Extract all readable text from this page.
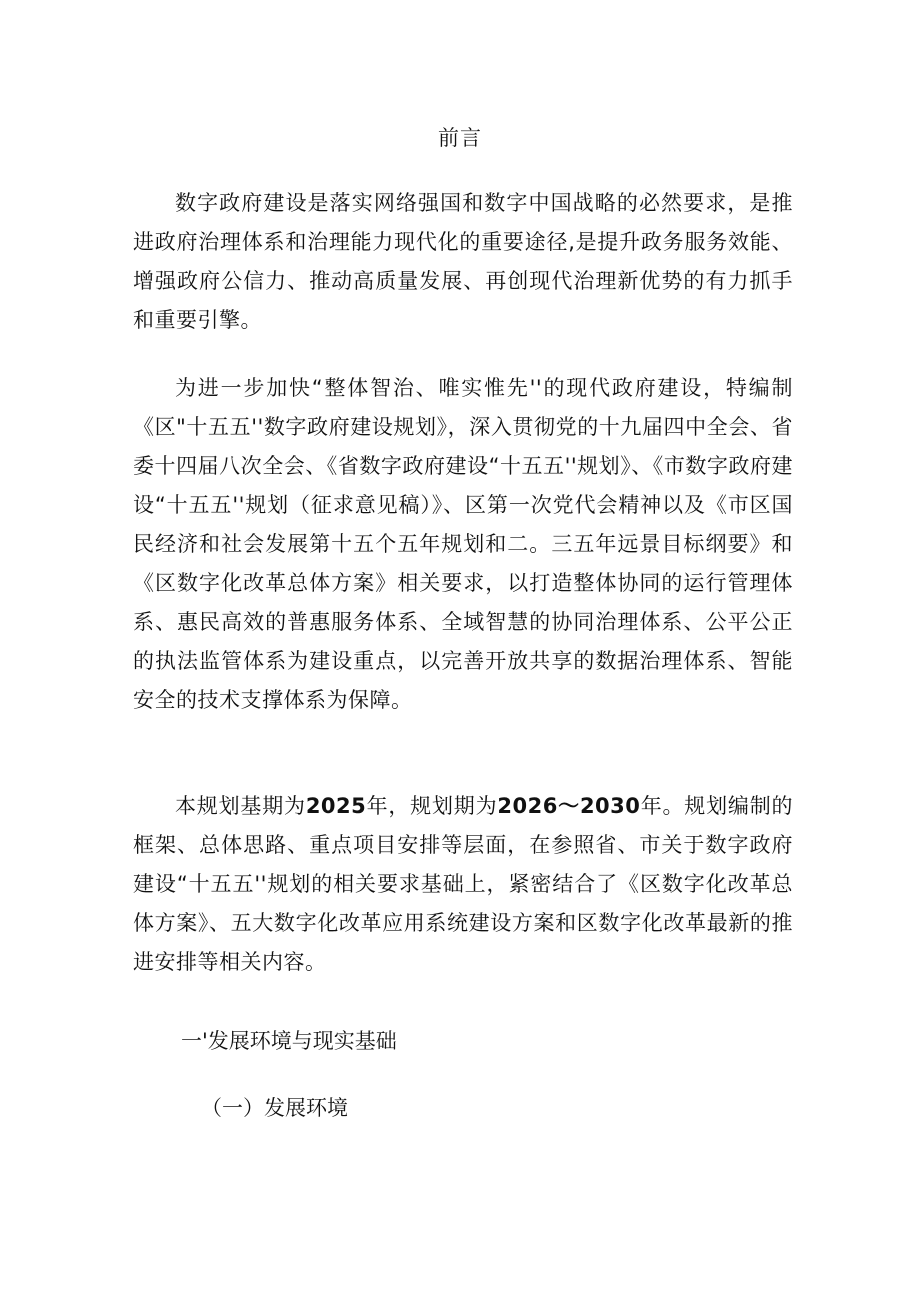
前言
数字政府建设是落实网络强国和数字中国战略的必然要求，是推进政府治理体系和治理能力现代化的重要途径,是提升政务服务效能、增强政府公信力、推动高质量发展、再创现代治理新优势的有力抓手和重要引擎。
为进一步加快“整体智治、唯实惟先''的现代政府建设，特编制《区"十五五''数字政府建设规划》，深入贯彻党的十九届四中全会、省委十四届八次全会、《省数字政府建设“十五五''规划》、《市数字政府建设“十五五''规划（征求意见稿）》、区第一次党代会精神以及《市区国民经济和社会发展第十五个五年规划和二。三五年远景目标纲要》和《区数字化改革总体方案》相关要求，以打造整体协同的运行管理体系、惠民高效的普惠服务体系、全域智慧的协同治理体系、公平公正的执法监管体系为建设重点，以完善开放共享的数据治理体系、智能安全的技术支撑体系为保障。
本规划基期为2025年，规划期为2026〜2030年。规划编制的框架、总体思路、重点项目安排等层面，在参照省、市关于数字政府建设“十五五''规划的相关要求基础上，紧密结合了《区数字化改革总体方案》、五大数字化改革应用系统建设方案和区数字化改革最新的推进安排等相关内容。
一'发展环境与现实基础
（一）发展环境
